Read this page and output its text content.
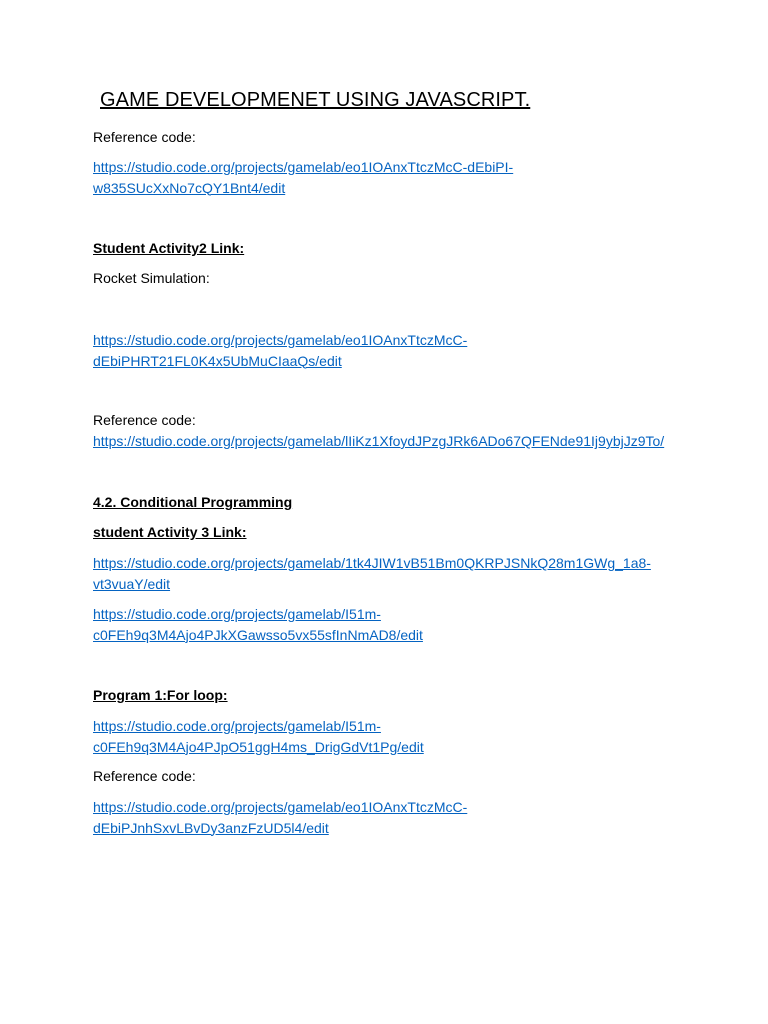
GAME DEVELOPMENET USING JAVASCRIPT.

Reference code:

https://studio.code.org/projects/gamelab/eo1IOAnxTtczMcC-dEbiPI-
w835SUcXxNo7cQY1Bnt4/edit

Student Activity2 Link:

Rocket Simulation:

https://studio.code.org/projects/gamelab/eo1IOAnxTtczMcC-
dEbiPHRT21FL0K4x5UbMuCIaaQs/edit

Reference code:

https://studio.code.org/projects/gamelab/lIiKz1XfoydJPzgJRk6ADo67QFENde91Ij9ybjJz9To/

4.2. Conditional Programming

student Activity 3 Link:

https://studio.code.org/projects/gamelab/1tk4JIW1vB51Bm0QKRPJSNkQ28m1GWg_1a8-
vt3vuaY/edit
https://studio.code.org/projects/gamelab/I51m-
c0FEh9q3M4Ajo4PJkXGawsso5vx55sfInNmAD8/edit

Program 1:For loop:

https://studio.code.org/projects/gamelab/I51m-
c0FEh9q3M4Ajo4PJpO51ggH4ms_DrigGdVt1Pg/edit

Reference code:

https://studio.code.org/projects/gamelab/eo1IOAnxTtczMcC-
dEbiPJnhSxvLBvDy3anzFzUD5l4/edit
